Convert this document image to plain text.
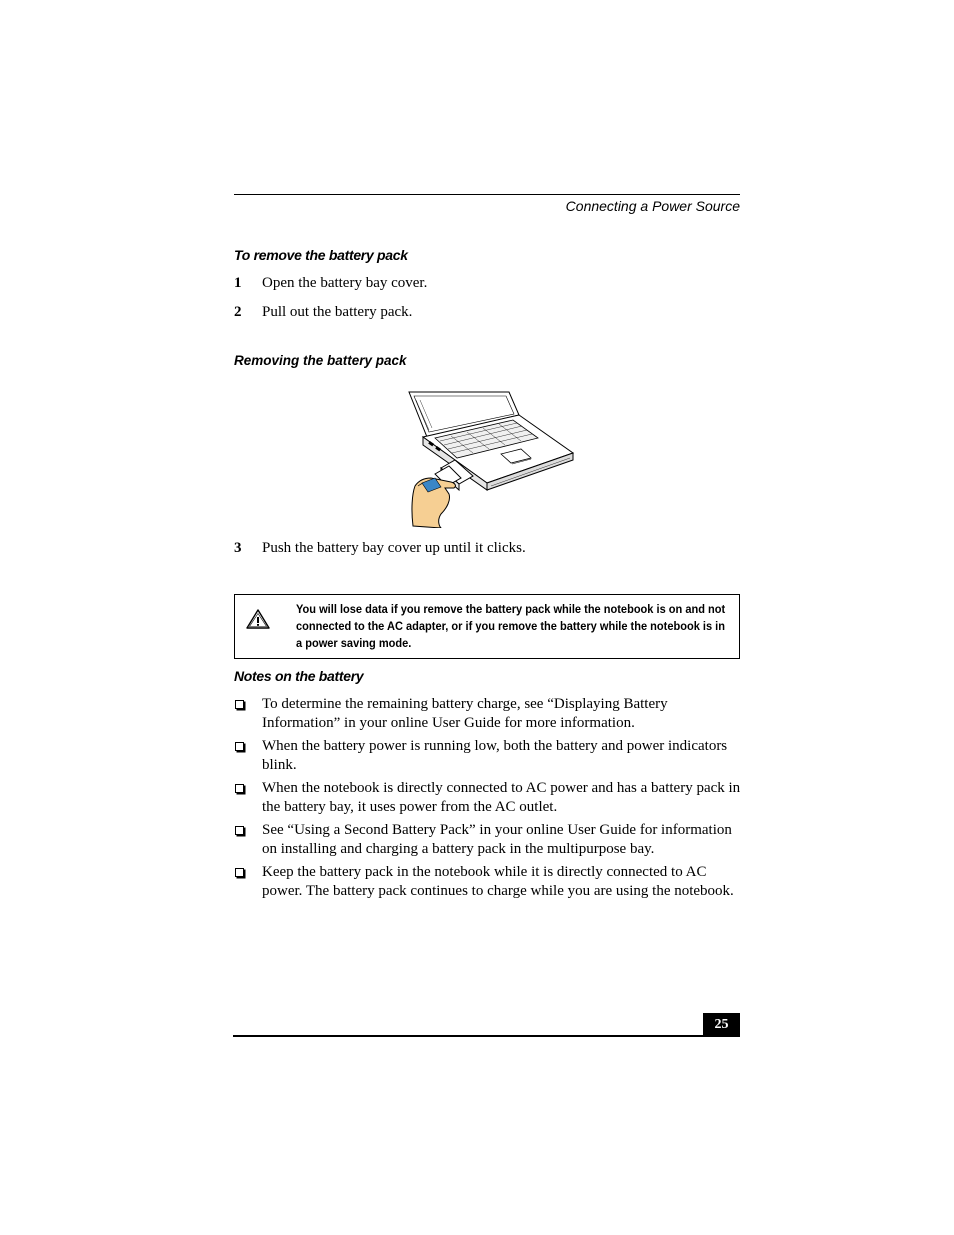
Connecting a Power Source
To remove the battery pack
1 Open the battery bay cover.
2 Pull out the battery pack.
Removing the battery pack
3 Push the battery bay cover up until it clicks.
You will lose data if you remove the battery pack while the notebook is on and not connected to the AC adapter, or if you remove the battery while the notebook is in a power saving mode.
Notes on the battery
To determine the remaining battery charge, see “Displaying Battery Information” in your online User Guide for more information.
When the battery power is running low, both the battery and power indicators blink.
When the notebook is directly connected to AC power and has a battery pack in the battery bay, it uses power from the AC outlet.
See “Using a Second Battery Pack” in your online User Guide for information on installing and charging a battery pack in the multipurpose bay.
Keep the battery pack in the notebook while it is directly connected to AC power. The battery pack continues to charge while you are using the notebook.
25
